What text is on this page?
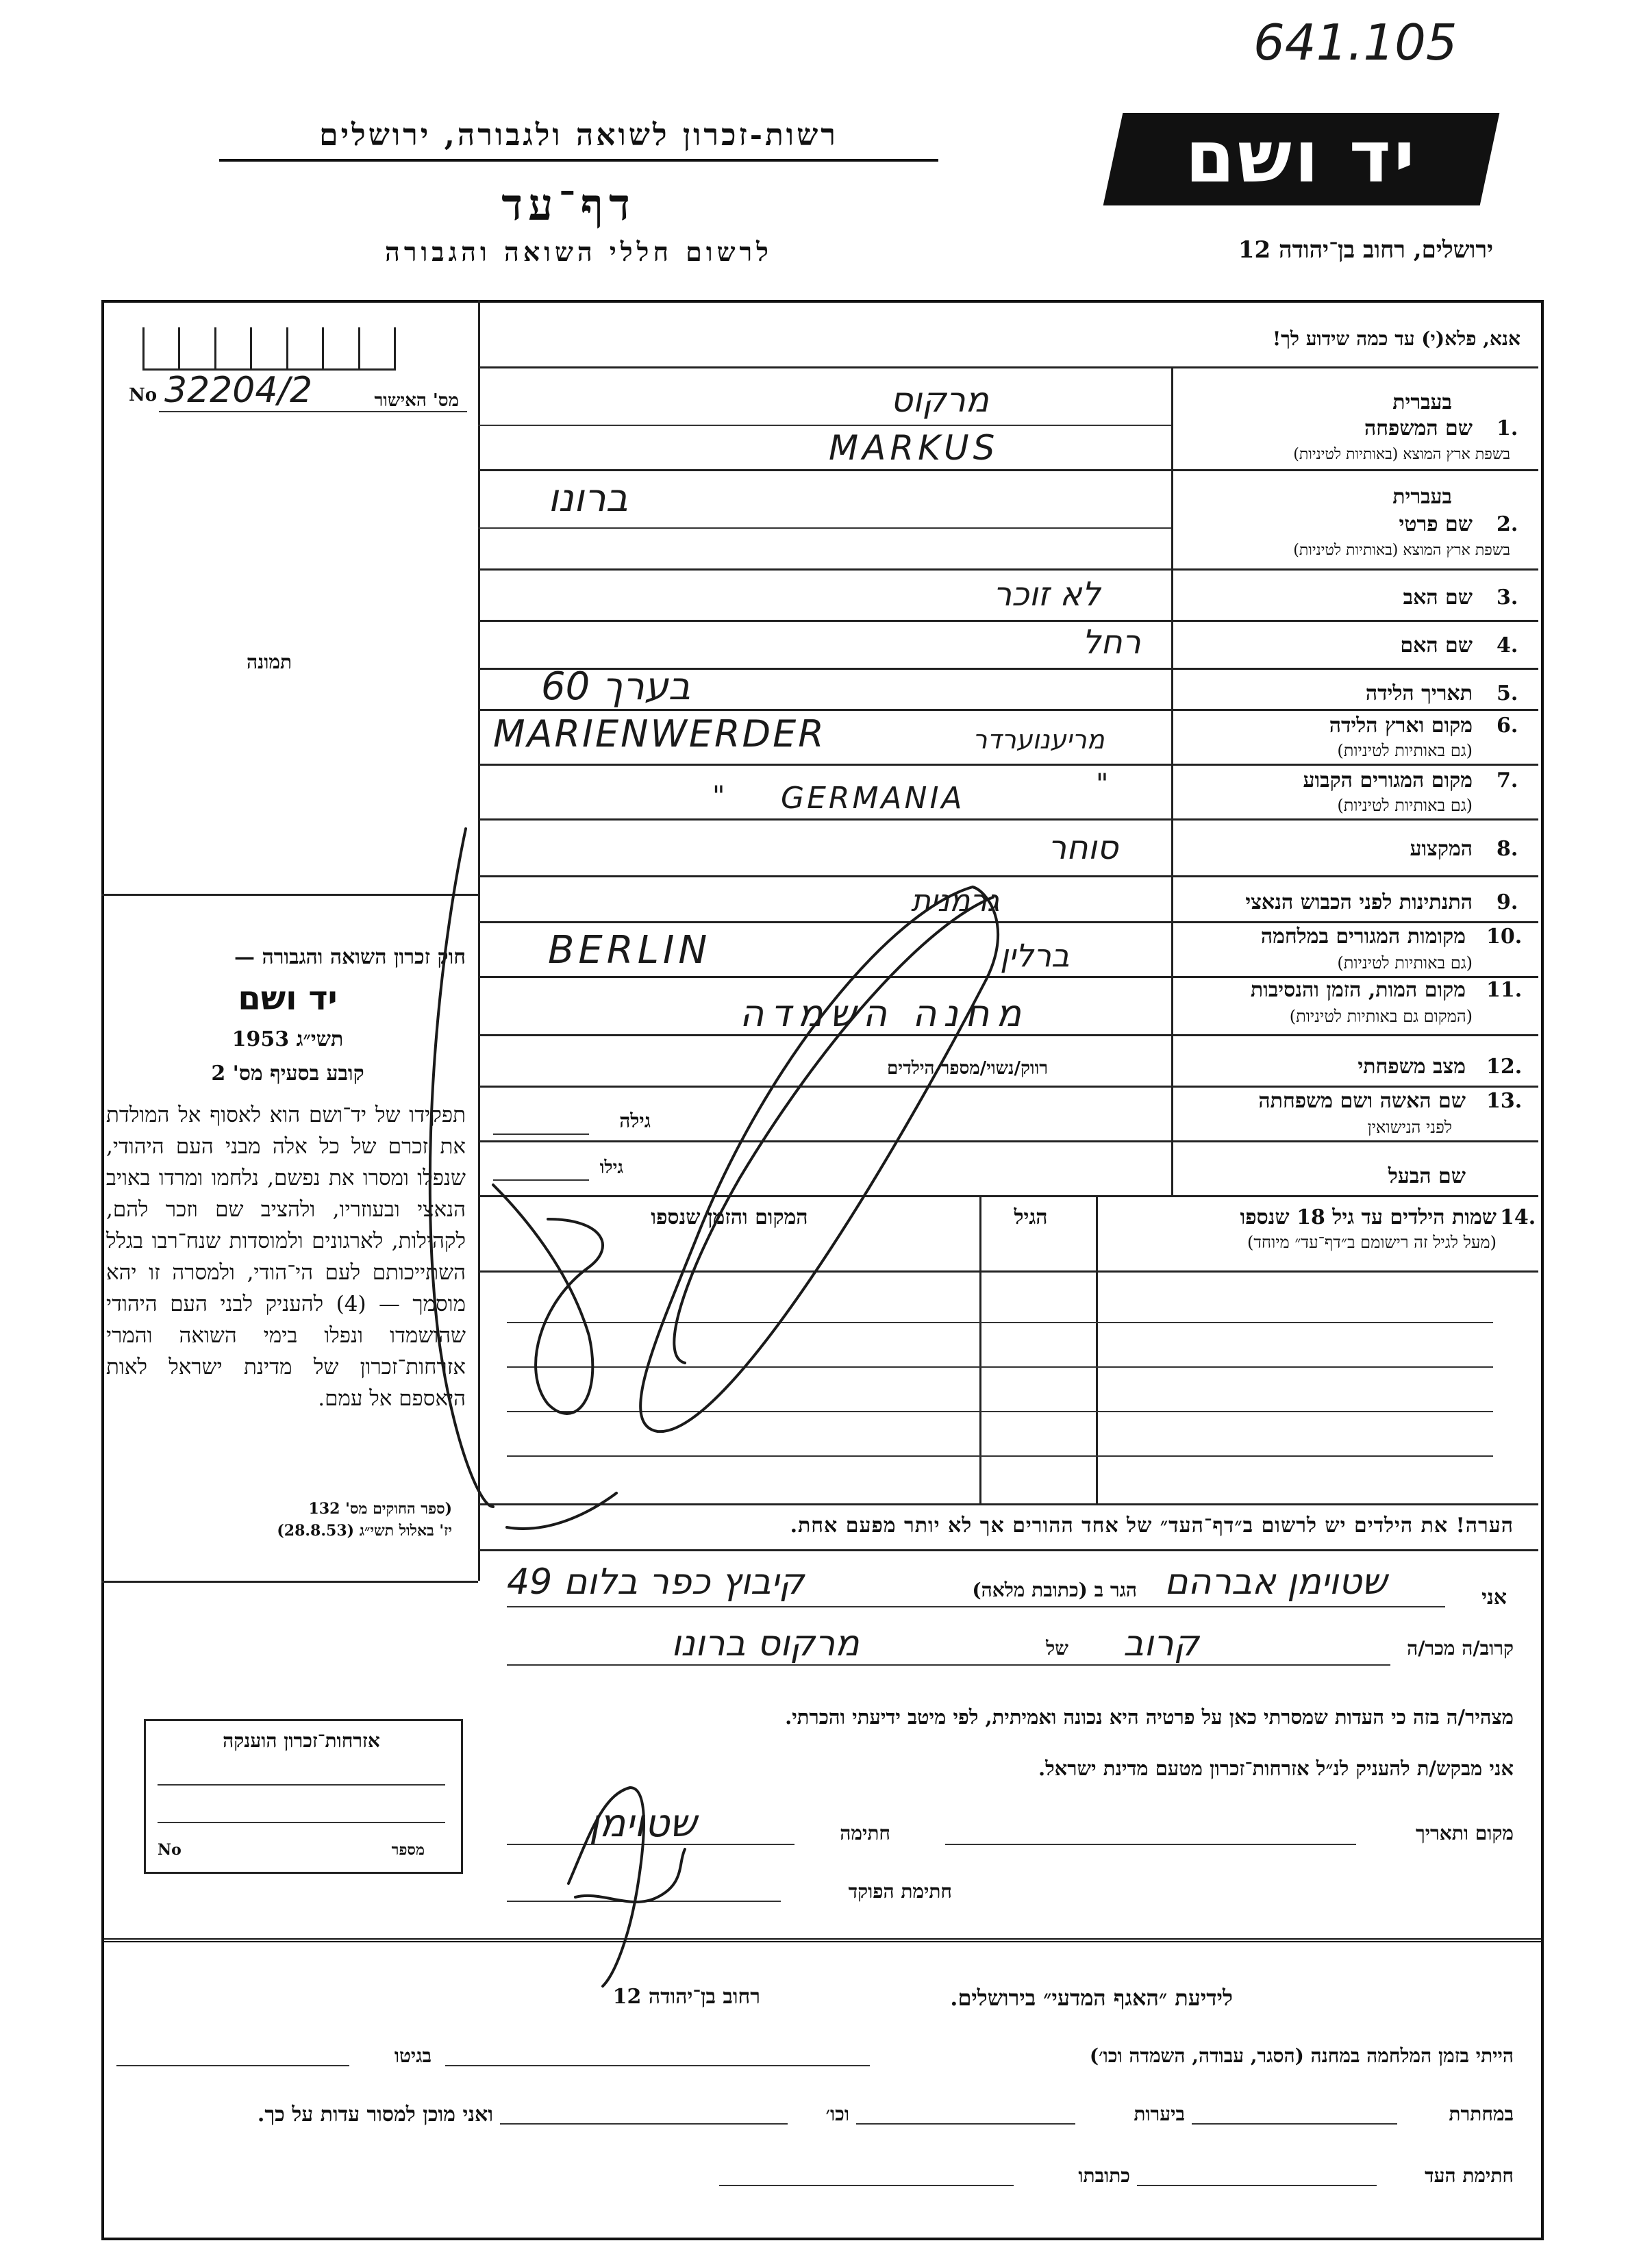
641.105
רשות-זכרון לשואה ולגבורה, ירושלים
דף־עד
לרשום חללי השואה והגבורה
יד ושם
ירושלים, רחוב בן־יהודה 12
No 32204/2	מס' האישור
תמונה
חוק זכרון השואה והגבורה —
יד ושם
תשי״ג 1953
קובע בסעיף מס' 2
תפקידו של יד־ושם הוא לאסוף אל המולדת את זכרם של כל אלה מבני העם היהודי, שנפלו ומסרו את נפשם, נלחמו ומרדו באויב הנאצי ובעוזריו, ולהציב שם וזכר להם, לקהילות, לארגונים ולמוסדות שנח־רבו בגלל השתייכותם לעם הי־הודי, ולמסרה זו יהא מוסמך — (4) להעניק לבני העם היהודי שהושמדו ונפלו בימי השואה והמרי אזרחות־זכרון של מדינת ישראל לאות היאספם אל עמם.
(ספר החוקים מס' 132
יז' באלול תשי״ג (28.8.53)
אנא, פלא(י) עד כמה שידוע לך!
בעברית
1.
שם המשפחה
בשפת ארץ המוצא (באותיות לטיניות)
מרקוס
MARKUS
בעברית
2.
שם פרטי
בשפת ארץ המוצא (באותיות לטיניות)
ברונו
3.
שם האב
לא זוכר
4.
שם האם
רחל
5.
תאריך הלידה
בערך 60
6.
מקום וארץ הלידה
(גם באותיות לטיניות)
MARIENWERDER	מריענוערדר
7.
מקום המגורים הקבוע
(גם באותיות לטיניות)
" GERMANIA	"
8.
המקצוע
סוחר
9.
התנתינות לפני הכבוש הנאצי
גרמנית
10.
מקומות המגורים במלחמה
(גם באותיות לטיניות)
BERLIN	ברלין
11.
מקום המות, הזמן והנסיבות
(המקום גם באותיות לטיניות)
מחנה השמדה
12.
מצב משפחתי
רווק/נשוי/מספר הילדים
13.
שם האשה ושם משפחתה
לפני הנישואין
גילה
שם הבעל
גילו
14.
שמות הילדים עד גיל 18 שנספו
(מעל לגיל זה רישומם ב״דף־עד״ מיוחד)
הגיל
המקום והזמן שנספו
הערה! את הילדים יש לרשום ב״דף־העד״ של אחד ההורים אך לא יותר מפעם אחת.
אני
שטוימן אברהם
הגר ב (כתובת מלאה)
קיבוץ כפר בלום 49
קרוב/ה מכר/ה
קרוב
של
מרקוס ברונו
מצהיר/ה בזה כי העדות שמסרתי כאן על פרטיה היא נכונה ואמיתית, לפי מיטב ידיעתי והכרתי.
אני מבקש/ת להעניק לנ״ל אזרחות־זכרון מטעם מדינת ישראל.
מקום ותאריך
חתימה
שטוימן
חתימת הפוקד
אזרחות־זכרון הוענקה
No	מספר
לידיעת ״האגף המדעי״ בירושלים.
רחוב בן־יהודה 12
הייתי בזמן המלחמה במחנה (הסגר, עבודה, השמדה וכו׳)
בגיטו
במחתרת
ביערות
וכו׳
ואני מוכן למסור עדות על כך.
חתימת העד
כתובתו
